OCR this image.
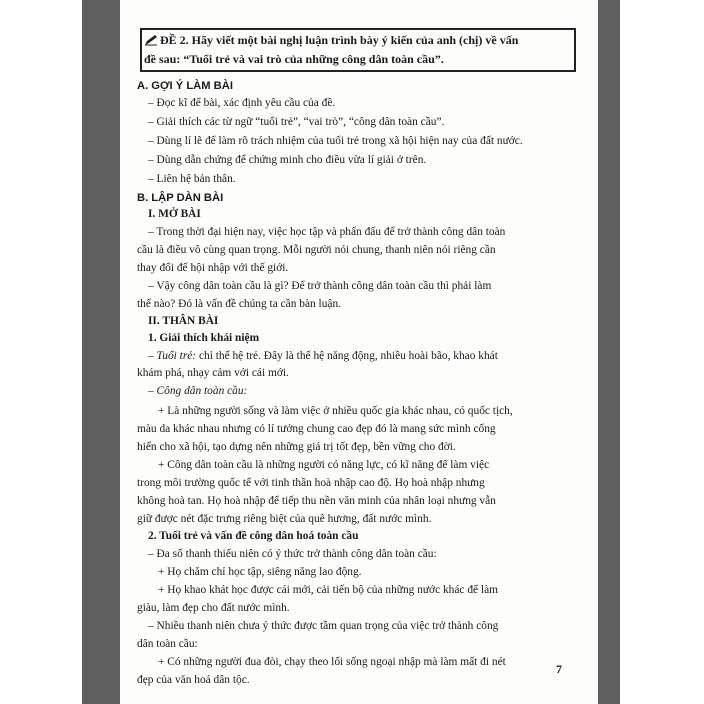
ĐỀ 2. Hãy viết một bài nghị luận trình bày ý kiến của anh (chị) về vấn
đề sau: “Tuổi trẻ và vai trò của những công dân toàn cầu”.
A. GỢI Ý LÀM BÀI
– Đọc kĩ để bài, xác định yêu cầu của đề.
– Giải thích các từ ngữ “tuổi trẻ”, “vai trò”, “công dân toàn cầu”.
– Dùng lí lẽ để làm rõ trách nhiệm của tuổi trẻ trong xã hội hiện nay của đất nước.
– Dùng dẫn chứng để chứng minh cho điều vừa lí giải ở trên.
– Liên hệ bản thân.
B. LẬP DÀN BÀI
I. MỞ BÀI
– Trong thời đại hiện nay, việc học tập và phấn đấu để trở thành công dân toàn
cầu là điều vô cùng quan trọng. Mỗi người nói chung, thanh niên nói riêng cần
thay đổi để hội nhập với thế giới.
– Vậy công dân toàn cầu là gì? Để trở thành công dân toàn cầu thì phải làm
thế nào? Đó là vấn đề chúng ta cần bàn luận.
II. THÂN BÀI
1. Giải thích khái niệm
– Tuổi trẻ: chỉ thế hệ trẻ. Đây là thế hệ năng động, nhiều hoài bão, khao khát
khám phá, nhạy cảm với cái mới.
– Công dân toàn cầu:
+ Là những người sống và làm việc ở nhiều quốc gia khác nhau, có quốc tịch,
màu da khác nhau nhưng có lí tưởng chung cao đẹp đó là mang sức mình cống
hiến cho xã hội, tạo dựng nên những giá trị tốt đẹp, bền vững cho đời.
+ Công dân toàn cầu là những người có năng lực, có kĩ năng để làm việc
trong môi trường quốc tế với tinh thần hoà nhập cao độ. Họ hoà nhập nhưng
không hoà tan. Họ hoà nhập để tiếp thu nền văn minh của nhân loại nhưng vẫn
giữ được nét đặc trưng riêng biệt của quê hương, đất nước mình.
2. Tuổi trẻ và vấn đề công dân hoá toàn cầu
– Đa số thanh thiếu niên có ý thức trở thành công dân toàn cầu:
+ Họ chăm chỉ học tập, siêng năng lao động.
+ Họ khao khát học được cái mới, cải tiến bộ của những nước khác để làm
giàu, làm đẹp cho đất nước mình.
– Nhiều thanh niên chưa ý thức được tầm quan trọng của việc trở thành công
dân toàn cầu:
+ Có những người đua đòi, chạy theo lối sống ngoại nhập mà làm mất đi nét
đẹp của văn hoá dân tộc.
7
